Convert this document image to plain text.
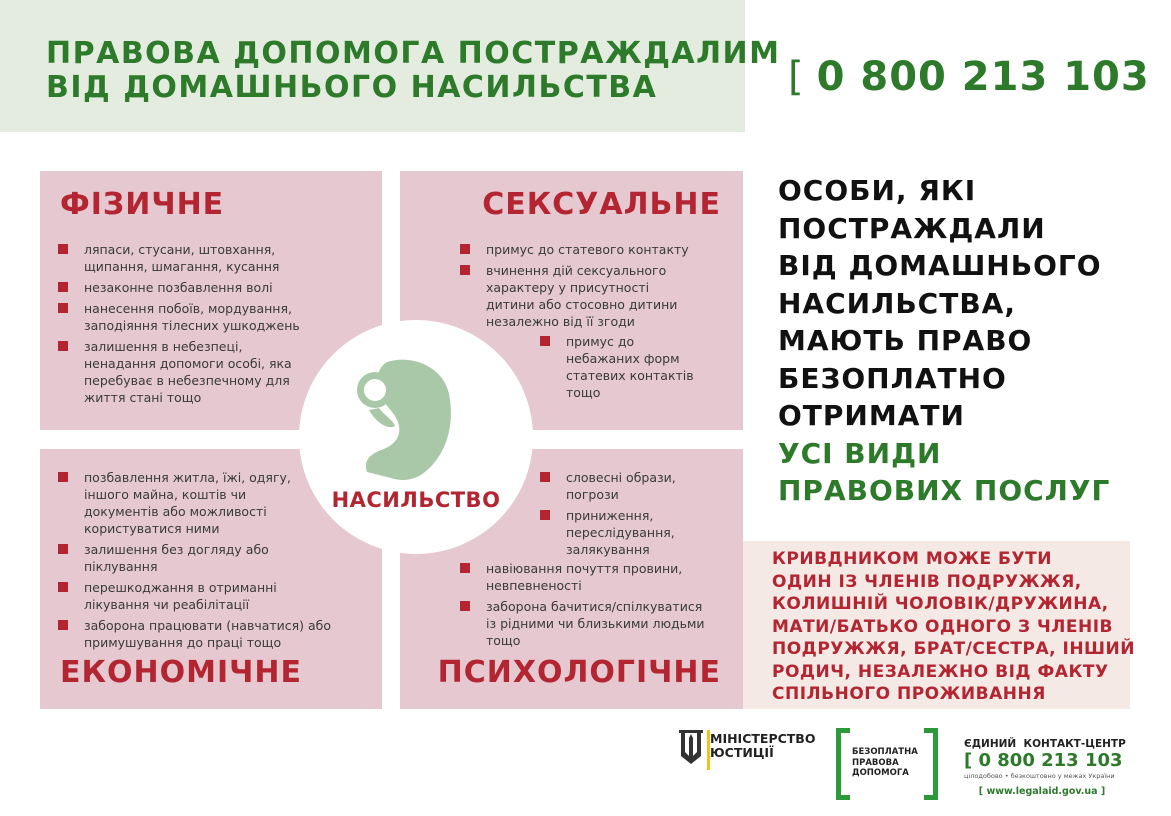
ПРАВОВА ДОПОМОГА ПОСТРАЖДАЛИМ
ВІД ДОМАШНЬОГО НАСИЛЬСТВА	[ 0 800 213 103
ФІЗИЧНЕ
ляпаси, стусани, штовхання, щипання, шмагання, кусання
незаконне позбавлення волі
нанесення побоїв, мордування, заподіяння тілесних ушкоджень
залишення в небезпеці, ненадання допомоги особі, яка перебуває в небезпечному для життя стані тощо
СЕКСУАЛЬНЕ
примус до статевого контакту
вчинення дій сексуального характеру у присутності дитини або стосовно дитини незалежно від її згоди
примус до небажаних форм статевих контактів тощо
позбавлення житла, їжі, одягу, іншого майна, коштів чи документів або можливості користуватися ними
залишення без догляду або піклування
перешкоджання в отриманні лікування чи реабілітації
заборона працювати (навчатися) або примушування до праці тощо
ЕКОНОМІЧНЕ
словесні образи, погрози
приниження, переслідування, залякування
навіювання почуття провини, невпевненості
заборона бачитися/спілкуватися із рідними чи близькими людьми тощо
ПСИХОЛОГІЧНЕ
НАСИЛЬСТВО
ОСОБИ, ЯКІ
ПОСТРАЖДАЛИ
ВІД ДОМАШНЬОГО
НАСИЛЬСТВА,
МАЮТЬ ПРАВО
БЕЗОПЛАТНО
ОТРИМАТИ
УСІ ВИДИ
ПРАВОВИХ ПОСЛУГ
КРИВДНИКОМ МОЖЕ БУТИ
ОДИН ІЗ ЧЛЕНІВ ПОДРУЖЖЯ,
КОЛИШНІЙ ЧОЛОВІК/ДРУЖИНА,
МАТИ/БАТЬКО ОДНОГО З ЧЛЕНІВ
ПОДРУЖЖЯ, БРАТ/СЕСТРА, ІНШИЙ
РОДИЧ, НЕЗАЛЕЖНО ВІД ФАКТУ
СПІЛЬНОГО ПРОЖИВАННЯ
МІНІСТЕРСТВО
ЮСТИЦІЇ	БЕЗОПЛАТНА
ПРАВОВА
ДОПОМОГА
ЄДИНИЙ  КОНТАКТ-ЦЕНТР
[ 0 800 213 103
цілодобово • безкоштовно у межах України
[ www.legalaid.gov.ua ]
